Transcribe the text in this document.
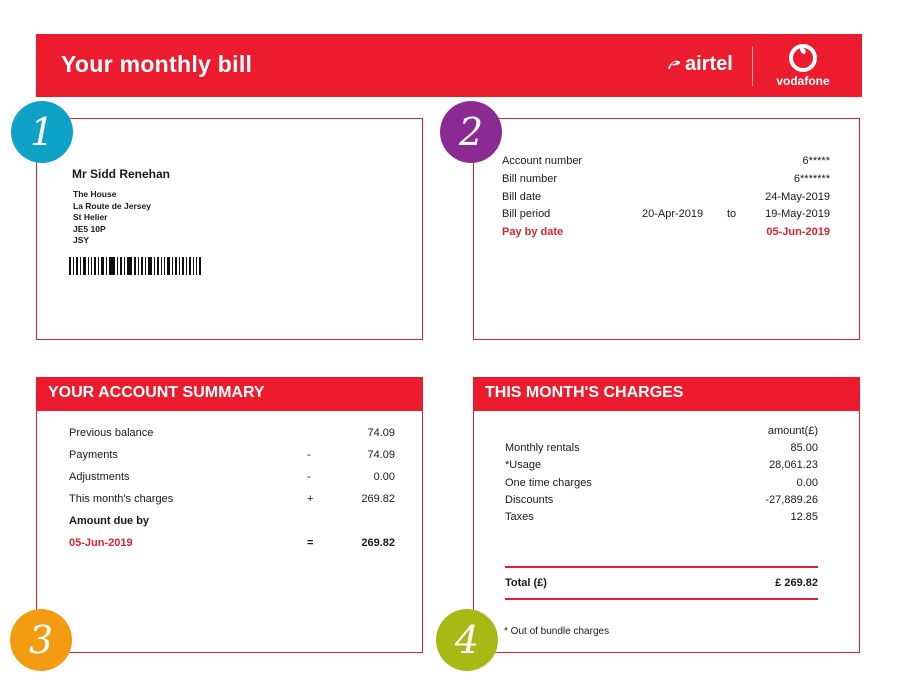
Your monthly bill	airtel
vodafone
Mr Sidd Renehan
The House
La Route de Jersey
St Helier
JE5 10P
JSY
Account number	6*****
Bill number	6*******
Bill date	24-May-2019
Bill period	20-Apr-2019 to	19-May-2019
Pay by date	05-Jun-2019
YOUR ACCOUNT SUMMARY
Previous balance	74.09
Payments	-	74.09
Adjustments	-	0.00
This month's charges	+	269.82
Amount due by
05-Jun-2019	=	269.82
THIS MONTH'S CHARGES
amount(£)
Monthly rentals	85.00
*Usage	28,061.23
One time charges	0.00
Discounts	-27,889.26
Taxes	12.85
Total (£)	£ 269.82
* Out of bundle charges
1	2
3	4
